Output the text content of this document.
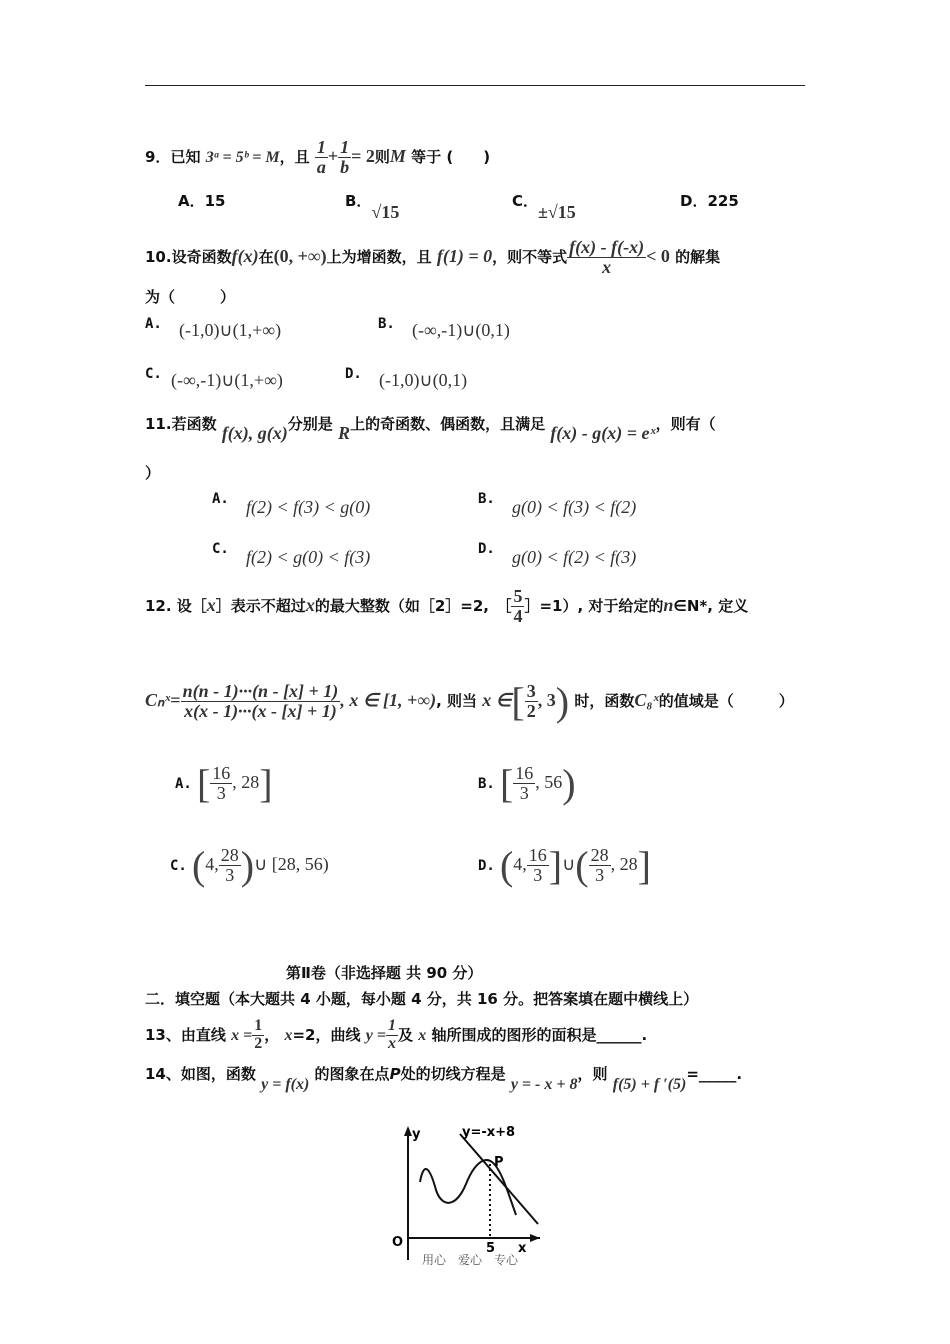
9．已知 3ᵃ = 5ᵇ = M，且 $\frac{1}{a} + \frac{1}{b} = 2$则M 等于 (　　)
A．15	B．√15
C．±√15
D．225
10.设奇函数f(x)在(0, +∞)上为增函数，且 f(1) = 0，则不等式 $\frac{f(x) - f(-x)}{x} < 0$ 的解集
为（　　　）
A. (-1,0)∪(1,+∞)	B. (-∞,-1)∪(0,1)
C. (-∞,-1)∪(1,+∞)	D. (-1,0)∪(0,1)
11.若函数 f(x), g(x)分别是 R上的奇函数、偶函数，且满足 f(x) - g(x) = eˣ，则有（
）
A. f(2) < f(3) < g(0)	B. g(0) < f(3) < f(2)
C. f(2) < g(0) < f(3)	D. g(0) < f(2) < f(3)
12. 设［x］表示不超过x的最大整数（如［2］=2,　［ $\frac{5}{4}$ ］=1）, 对于给定的n∈N*, 定义
Cₙˣ= $\frac{n(n - 1)\cdot\cdot\cdot(n - [x] + 1)}{x(x - 1)\cdot\cdot\cdot(x - [x] + 1)}$ , x ∈ [1, +∞), 则当 x ∈[ $\frac{3}{2}$ , 3) 时，函数C₈ˣ的值域是（　　　）
A. [ $\frac{16}{3}$ , 28]	B. [ $\frac{16}{3}$ , 56)
C. (4, $\frac{28}{3}$ )∪ [28, 56)	D. (4, $\frac{16}{3}$ ]∪( $\frac{28}{3}$ , 28]
第Ⅱ卷（非选择题 共 90 分）
二．填空题（本大题共 4 小题，每小题 4 分，共 16 分。把答案填在题中横线上）
13、由直线 $x = \frac{1}{2}$ ， x=2，曲线 $y = \frac{1}{x}$ 及 x 轴所围成的图形的面积是______.
14、如图，函数 y = f(x) 的图象在点P处的切线方程是 y = - x + 8，则 f(5) + f ′(5)=_____.
y
x
O
y=-x+8
P
5
用心　爱心　专心
